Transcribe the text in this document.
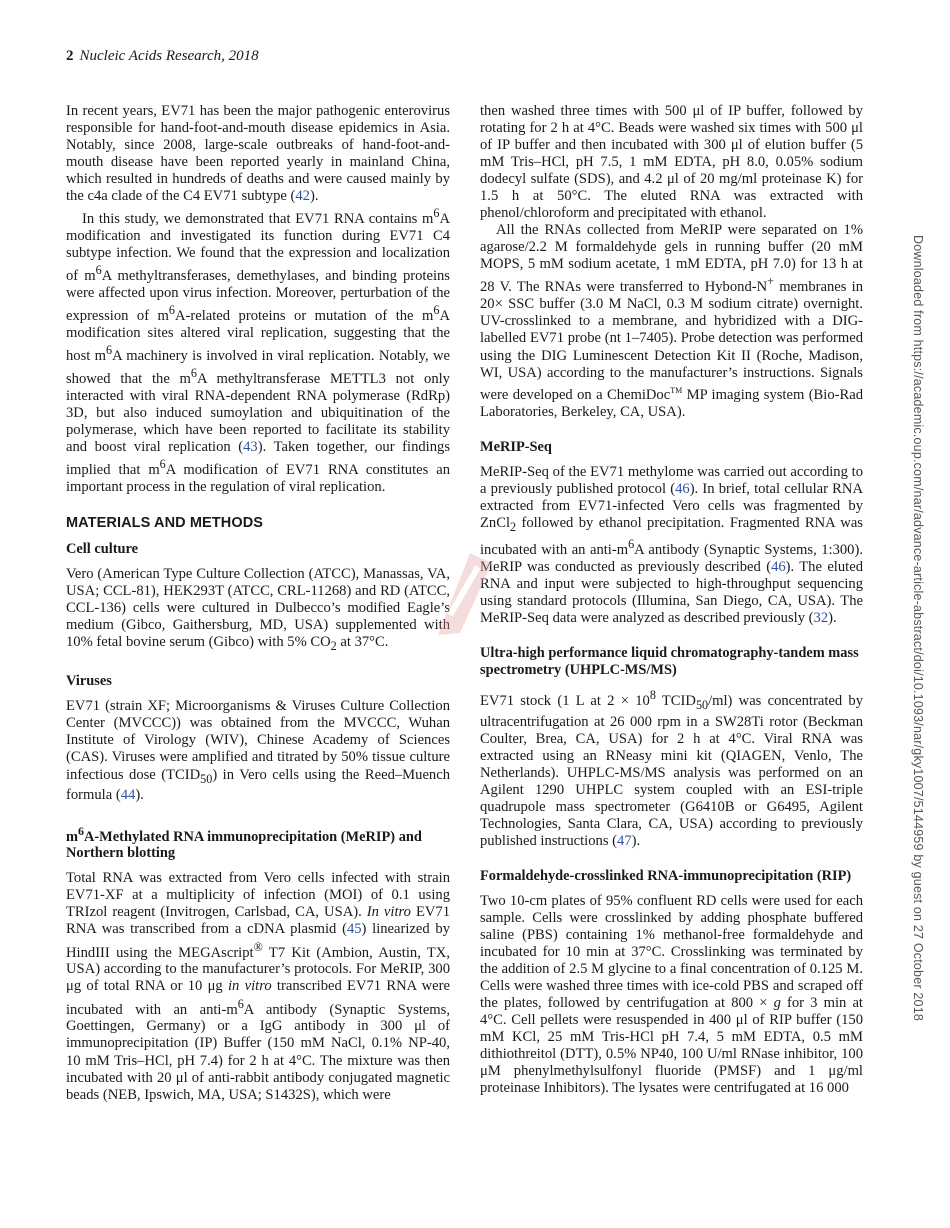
2 Nucleic Acids Research, 2018

In recent years, EV71 has been the major pathogenic enterovirus responsible for hand-foot-and-mouth disease epidemics in Asia. Notably, since 2008, large-scale outbreaks of hand-foot-and-mouth disease have been reported yearly in mainland China, which resulted in hundreds of deaths and were caused mainly by the c4a clade of the C4 EV71 subtype (42).

In this study, we demonstrated that EV71 RNA contains $m^6A$ modification and investigated its function during EV71 C4 subtype infection. We found that the expression and localization of $m^6A$ methyltransferases, demethylases, and binding proteins were affected upon virus infection. Moreover, perturbation of the expression of $m^6A$-related proteins or mutation of the $m^6A$ modification sites altered viral replication, suggesting that the host $m^6A$ machinery is involved in viral replication. Notably, we showed that the $m^6A$ methyltransferase METTL3 not only interacted with viral RNA-dependent RNA polymerase (RdRp) 3D, but also induced sumoylation and ubiquitination of the polymerase, which have been reported to facilitate its stability and boost viral replication (43). Taken together, our findings implied that $m^6A$ modification of EV71 RNA constitutes an important process in the regulation of viral replication.

MATERIALS AND METHODS
Cell culture

Vero (American Type Culture Collection (ATCC), Manassas, VA, USA; CCL-81), HEK293T (ATCC, CRL-11268) and RD (ATCC, CCL-136) cells were cultured in Dulbecco’s modified Eagle’s medium (Gibco, Gaithersburg, MD, USA) supplemented with 10% fetal bovine serum (Gibco) with 5% $CO_2$ at 37°C.

Viruses

EV71 (strain XF; Microorganisms & Viruses Culture Collection Center (MVCCC)) was obtained from the MVCCC, Wuhan Institute of Virology (WIV), Chinese Academy of Sciences (CAS). Viruses were amplified and titrated by 50% tissue culture infectious dose $(TCID_{50})$ in Vero cells using the Reed–Muench formula (44).

$m^6A$-Methylated RNA immunoprecipitation (MeRIP) and Northern blotting

Total RNA was extracted from Vero cells infected with strain EV71-XF at a multiplicity of infection (MOI) of 0.1 using TRIzol reagent (Invitrogen, Carlsbad, CA, USA). In vitro EV71 RNA was transcribed from a cDNA plasmid (45) linearized by HindIII using the MEGAscript® T7 Kit (Ambion, Austin, TX, USA) according to the manufacturer’s protocols. For MeRIP, 300 μg of total RNA or 10 μg in vitro transcribed EV71 RNA were incubated with an anti-$m^6A$ antibody (Synaptic Systems, Goettingen, Germany) or a IgG antibody in 300 μl of immunoprecipitation (IP) Buffer (150 mM NaCl, 0.1% NP-40, 10 mM Tris–HCl, pH 7.4) for 2 h at 4°C. The mixture was then incubated with 20 μl of anti-rabbit antibody conjugated magnetic beads (NEB, Ipswich, MA, USA; S1432S), which were

then washed three times with 500 μl of IP buffer, followed by rotating for 2 h at 4°C. Beads were washed six times with 500 μl of IP buffer and then incubated with 300 μl of elution buffer (5 mM Tris–HCl, pH 7.5, 1 mM EDTA, pH 8.0, 0.05% sodium dodecyl sulfate (SDS), and 4.2 μl of 20 mg/ml proteinase K) for 1.5 h at 50°C. The eluted RNA was extracted with phenol/chloroform and precipitated with ethanol.

All the RNAs collected from MeRIP were separated on 1% agarose/2.2 M formaldehyde gels in running buffer (20 mM MOPS, 5 mM sodium acetate, 1 mM EDTA, pH 7.0) for 13 h at 28 V. The RNAs were transferred to Hybond-N+ membranes in 20× SSC buffer (3.0 M NaCl, 0.3 M sodium citrate) overnight. UV-crosslinked to a membrane, and hybridized with a DIG-labelled EV71 probe (nt 1–7405). Probe detection was performed using the DIG Luminescent Detection Kit II (Roche, Madison, WI, USA) according to the manufacturer’s instructions. Signals were developed on a ChemiDoc™ MP imaging system (Bio-Rad Laboratories, Berkeley, CA, USA).

MeRIP-Seq

MeRIP-Seq of the EV71 methylome was carried out according to a previously published protocol (46). In brief, total cellular RNA extracted from EV71-infected Vero cells was fragmented by ZnCl$_2$ followed by ethanol precipitation. Fragmented RNA was incubated with an anti-$m^6A$ antibody (Synaptic Systems, 1:300). MeRIP was conducted as previously described (46). The eluted RNA and input were subjected to high-throughput sequencing using standard protocols (Illumina, San Diego, CA, USA). The MeRIP-Seq data were analyzed as described previously (32).

Ultra-high performance liquid chromatography-tandem mass spectrometry (UHPLC-MS/MS)

EV71 stock (1 L at $2 \times 10^8$ $TCID_{50}/ml$) was concentrated by ultracentrifugation at 26 000 rpm in a SW28Ti rotor (Beckman Coulter, Brea, CA, USA) for 2 h at 4°C. Viral RNA was extracted using an RNeasy mini kit (QIAGEN, Venlo, The Netherlands). UHPLC-MS/MS analysis was performed on an Agilent 1290 UHPLC system coupled with an ESI-triple quadrupole mass spectrometer (G6410B or G6495, Agilent Technologies, Santa Clara, CA, USA) according to previously published instructions (47).

Formaldehyde-crosslinked RNA-immunoprecipitation (RIP)

Two 10-cm plates of 95% confluent RD cells were used for each sample. Cells were crosslinked by adding phosphate buffered saline (PBS) containing 1% methanol-free formaldehyde and incubated for 10 min at 37°C. Crosslinking was terminated by the addition of 2.5 M glycine to a final concentration of 0.125 M. Cells were washed three times with ice-cold PBS and scraped off the plates, followed by centrifugation at 800 × g for 3 min at 4°C. Cell pellets were resuspended in 400 μl of RIP buffer (150 mM KCl, 25 mM Tris-HCl pH 7.4, 5 mM EDTA, 0.5 mM dithiothreitol (DTT), 0.5% NP40, 100 U/ml RNase inhibitor, 100 μM phenylmethylsulfonyl fluoride (PMSF) and 1 μg/ml proteinase Inhibitors). The lysates were centrifugated at 16 000

Downloaded from https://academic.oup.com/nar/advance-article-abstract/doi/10.1093/nar/gky1007/5144959 by guest on 27 October 2018
